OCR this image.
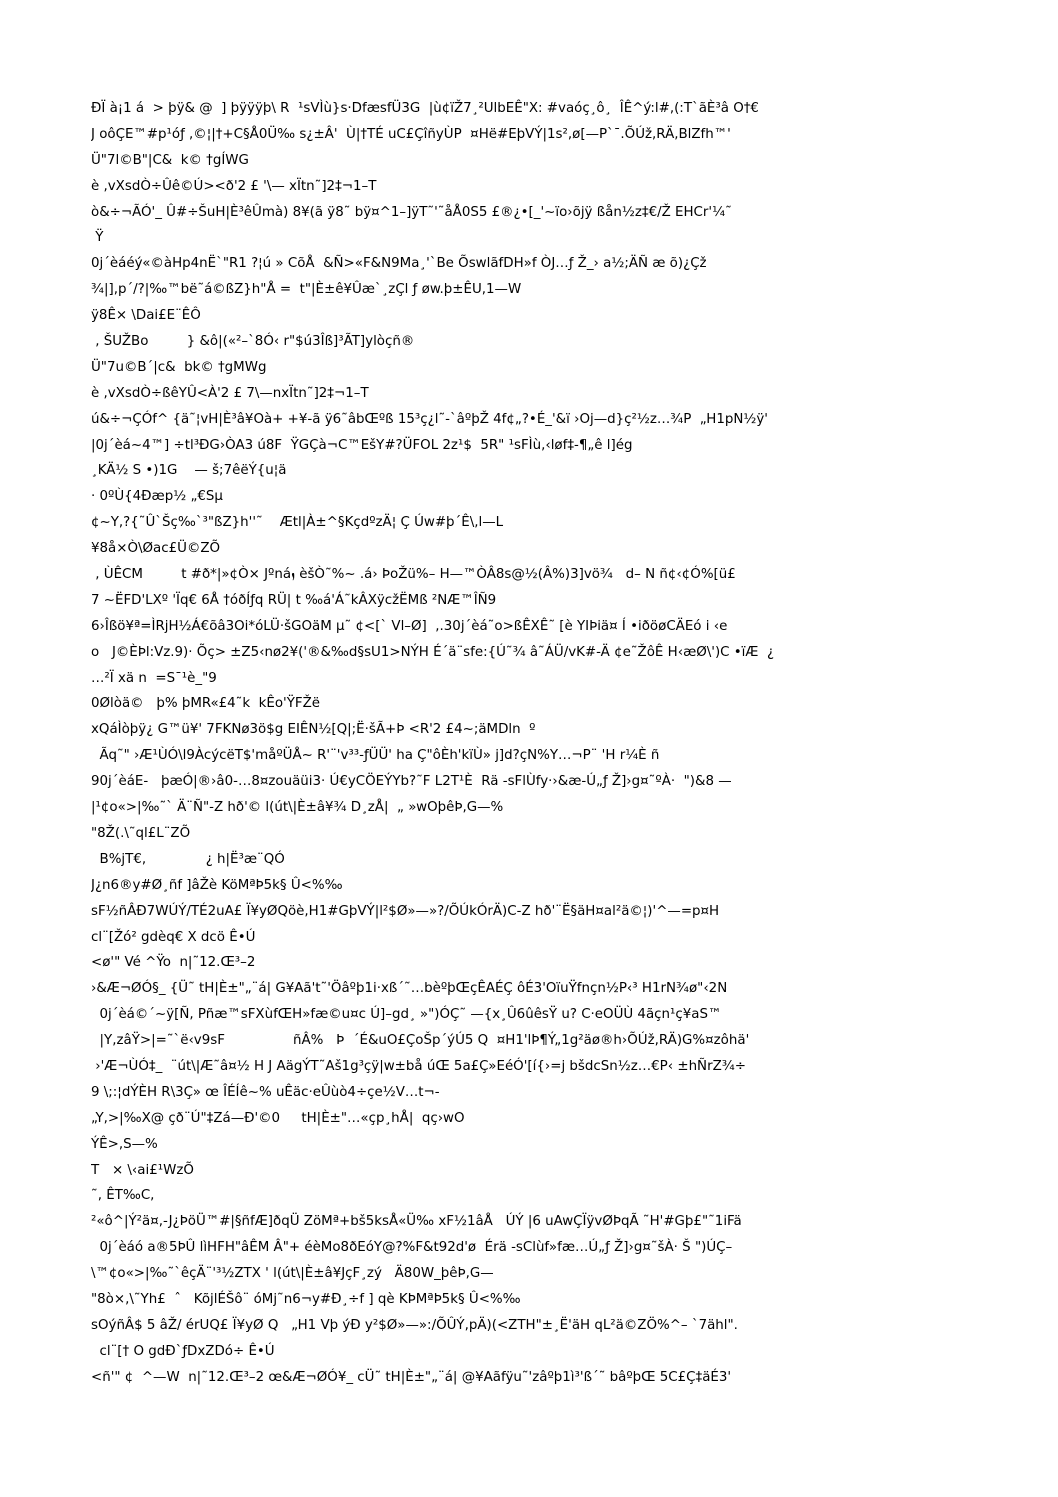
ÐÏ à¡1 á  > þÿ& @  ] þÿÿÿþ\ R  ¹sVÌù}s·DfæsfÜ3G  |ù¢ïŽ7¸²UlbEÊ"X: #vaóç¸ô¸  ÎÊ^ý:l#,(:T`ãÈ³â O†€
J oôÇE™#p¹óƒ ,©¦|†+C§Å0Ü‰ s¿±Â'  Ù|†TÉ uC£ÇîñyÙP  ¤Hë#EþVÝ|1s²,ø[—P`¯.ÕÚž,RÄ,BlZfh™'
Ü"7l©B"|C&  k© †gÍWG
è ,vXsdÒ÷Ûê©Ú><ð'2 £ '\— xÏtn˜]2‡¬1–T
ò&÷¬ÃÓ'_ Û#÷ŠuH|È³êÛmà) 8¥(ã ÿ8˜ bÿ¤^1–]ÿT˜'˜åÅ0S5 £®¿•[_'~ïo›õjÿ ßån½z‡€/Ž EHCr'¼˜
Ÿ
0j´èáéý«©àHp4nË`"R1 ?¦ú » CõÅ  &Ñ>«F&N9Ma¸'`Be ÕswlãfDH»f ÒJ…ƒ Ž_› a½;ÄÑ æ õ)¿Çž
¾|],p´/?|‰™bë˜á©ßZ}h"Å =  t"|È±ê¥Ûæ`¸zÇl ƒ øw.þ±ÊU,1—W
ÿ8Ê× \Dai£E¨ÊÔ
, ŠUŽBo         } &ô|(«²–`8Ó‹ r"$ú3Îß]³ÃT]ylòçñ®
Ü"7u©B´|c&  bk© †gMWg
è ,vXsdÒ÷ßêYÛ<À'2 £ 7\—nxÏtn˜]2‡¬1–T
ú&÷¬ÇÓf^ {ä˜¦vH|È³â¥Oà+ +¥-ã ÿ6˜âbŒºß 15³ç¿l˜-`âºþŽ 4f¢„?•É_'&ï ›Oj—d}ç²½z…¾P  „H1pN½ÿ'
|0j´èá~4™] ÷tl³ÐG›ÒA3 ú8F  ŸGÇà¬C™EšY#?ÜFOL 2z¹$  5R" ¹sFÌù,‹løf‡-¶„ê l]ég
¸KÄ½ S •)1G    — š;7êëÝ{u¦ä
· 0ºÙ{4Ðæp½ „€Sµ
¢~Y,?{˜Û`Šç‰`³"ßZ}h''˜    Ætl|À±^§KçdºzÄ¦ Ç Úw#þ´Ê\,l—L
¥8å×Ò\Øac£Ü©ZÕ
, ÙÊCM         t #ð*|»¢Ò× Jºnáܙ èšÒ˜%~ .á› ÞoŽü%– H—™ÒÂ8s@½(Â%)3]vö¾   d– N ñ¢‹¢Ó%[ü£
7 ~ËFD'LXº 'Ïq€ 6Å †óðÍƒq RÜ| t ‰á'Á˜kÂXÿcžËMß ²NÆ™ÎÑ9
6›Îßö¥ª=ÌRjH½Á€õâ3Oi*óLÜ·šGOäM µ˜ ¢<[` Vl–Ø]  ,.30j´èá˜o>ßÊXÊ˜ [è YIÞiä¤ Í •iðöøCÄEó i ‹e
o   J©ÈÞl:Vz.9)· Õç> ±Z5‹nø2¥('®&‰d§sU1>NÝH É´ä¨sfe:{Ú˜¾ â˜ÁÜ/vK#-Ä ¢e˜ŽôÊ H‹æØ\')C •ïÆ  ¿
…²Ï xä n  =S¯¹è_"9
0Ølòä©   þ% þMR«£4˜k  kÊo'ŸFŽë
xQáÌòþÿ¿ G™ü¥' 7FKNø3ö$g EIÊN½[Q|;Ë·šÃ+Þ <R'2 £4~;äMDln  º
Ãq˜" ›Æ¹ÙÓ\l9ÀcýcëT$'måºÜÅ~ R'¨'v³³-ƒÜÜ' ha Ç"ôÈh'kïÙ» j]d?çN%Y…¬P¨ 'H r¼È ñ
90j´èáE-   þæÓ|®›â0-…8¤zouäüi3· Ú€yCÖEÝYb?˜F L2T¹È  Rä -sFlÙfy·›&æ-Ú„ƒ Ž]›g¤˜ºÀ·  ")&8 —
|¹¢o«>|‰˜` Ä¨Ñ"-Z hð'© l(út\|È±â¥¾ D¸zÅ|  „ »wOþêÞ,G—%
"8Ž(.\˜ql£L¨ZÕ
B%jT€,              ¿ h|Ë³æ¨QÓ
J¿n6®y#Ø¸ñf ]âŽè KöMªÞ5k§ Û<%‰
sF½ñÂÐ7WÚÝ/TÉ2uA£ Ï¥yØQöè,H1#GþVÝ|l²$Ø»—»?/ÕÚkÓrÄ)C-Z hð'¨Ë§äH¤al²ä©¦)'^—=p¤H
cl¨[Žó² gdèq€ X dcö Ê•Ú
<ø'" Vé ^Ÿo  n|˜12.Œ³–2
›&Æ¬ØÓ§_ {Ü˜ tH|È±"„¨á| G¥Aã't˜'Öâºþ1i·xß´˜…bèºþŒçÊAÉÇ ôÉ3'OïuŸfnçn½P‹³ H1rN¾ø"‹2N
0j´èá©´~ÿ[Ñ, Pñæ™sFXùfŒH»fæ©u¤c Ú]–gd¸ »")ÓÇ˜ —{x¸Û6ûêsŸ u? C·eOÜÙ 4ãçn¹ç¥aS™
|Y,zâŸ>|=˜`ë‹v9sF                ñÂ%   Þ  ´É&uO£ÇoŠp´ýÚ5 Q  ¤H1'lÞ¶Ý„1g²äø®h›ÕÚž,RÄ)G%¤zôhä'
›'Æ¬ÙÓ‡_  ¨út\|Æ˜â¤½ H J AägÝT˜Aš1g³çÿ|w±bå úŒ 5a£Ç»EéÓ'[í{›=j bšdcSn½z…€P‹ ±hÑrZ¾÷
9 \;:¦dÝÈH R\3Ç» œ ÎÉÍê~% uÊäc·eÛùò4÷çe½V…t¬-
„Y,>|‰X@ çð¨Ú"‡Zá—Ð'©0     tH|È±"…«çp¸hÅ|  qç›wO
ÝÊ>,S—%
T   × \‹ai£¹WzÕ
˜, ÊT‰C,
²«ô^|Ý²ä¤,-J¿ÞöÜ™#|§ñfÆ]ðqÜ ZöMª+bš5ksÅ«Ü‰ xF½1âÅ   ÚÝ |6 uAwÇÏÿvØÞqÃ ˜H'#Gþ£"˜1iFä
0j´èáó a®5ÞÛ lìHFH"âÊM Â"+ éèMo8ðEóY@?%F&t92d'ø  Érä -sClùf»fæ…Ú„ƒ Ž]›g¤˜šÀ· Š ")ÚÇ–
\™¢o«>|‰˜`êçÄ¨'³½ZTX ' l(út\|È±â¥JçF¸zý   Ä80W_þêÞ,G—
"8ò×,\˜Yh£  ˆ   KõjlÉŠô¨ óMj˜n6¬y#Ð¸÷f ] qè KÞMªÞ5k§ Û<%‰
sOýñÂ$ 5 âŽ/ érUQ£ Ï¥yØ Q   „H1 Vþ ýÐ y²$Ø»—»:/ÕÛÝ,pÄ)(<ZTH"±¸Ë'äH qL²ä©ZÖ%^– `7ähl".
cl¨[† O gdÐ`ƒDxZDó÷ Ê•Ú
<ñ'" ¢  ^—W  n|˜12.Œ³–2 œ&Æ¬ØÓ¥_ cÜ˜ tH|È±"„¨á| @¥Aãfÿu˜'zâºþ1ì³'ß´˜ bâºþŒ 5C£Ç‡äÉ3'
